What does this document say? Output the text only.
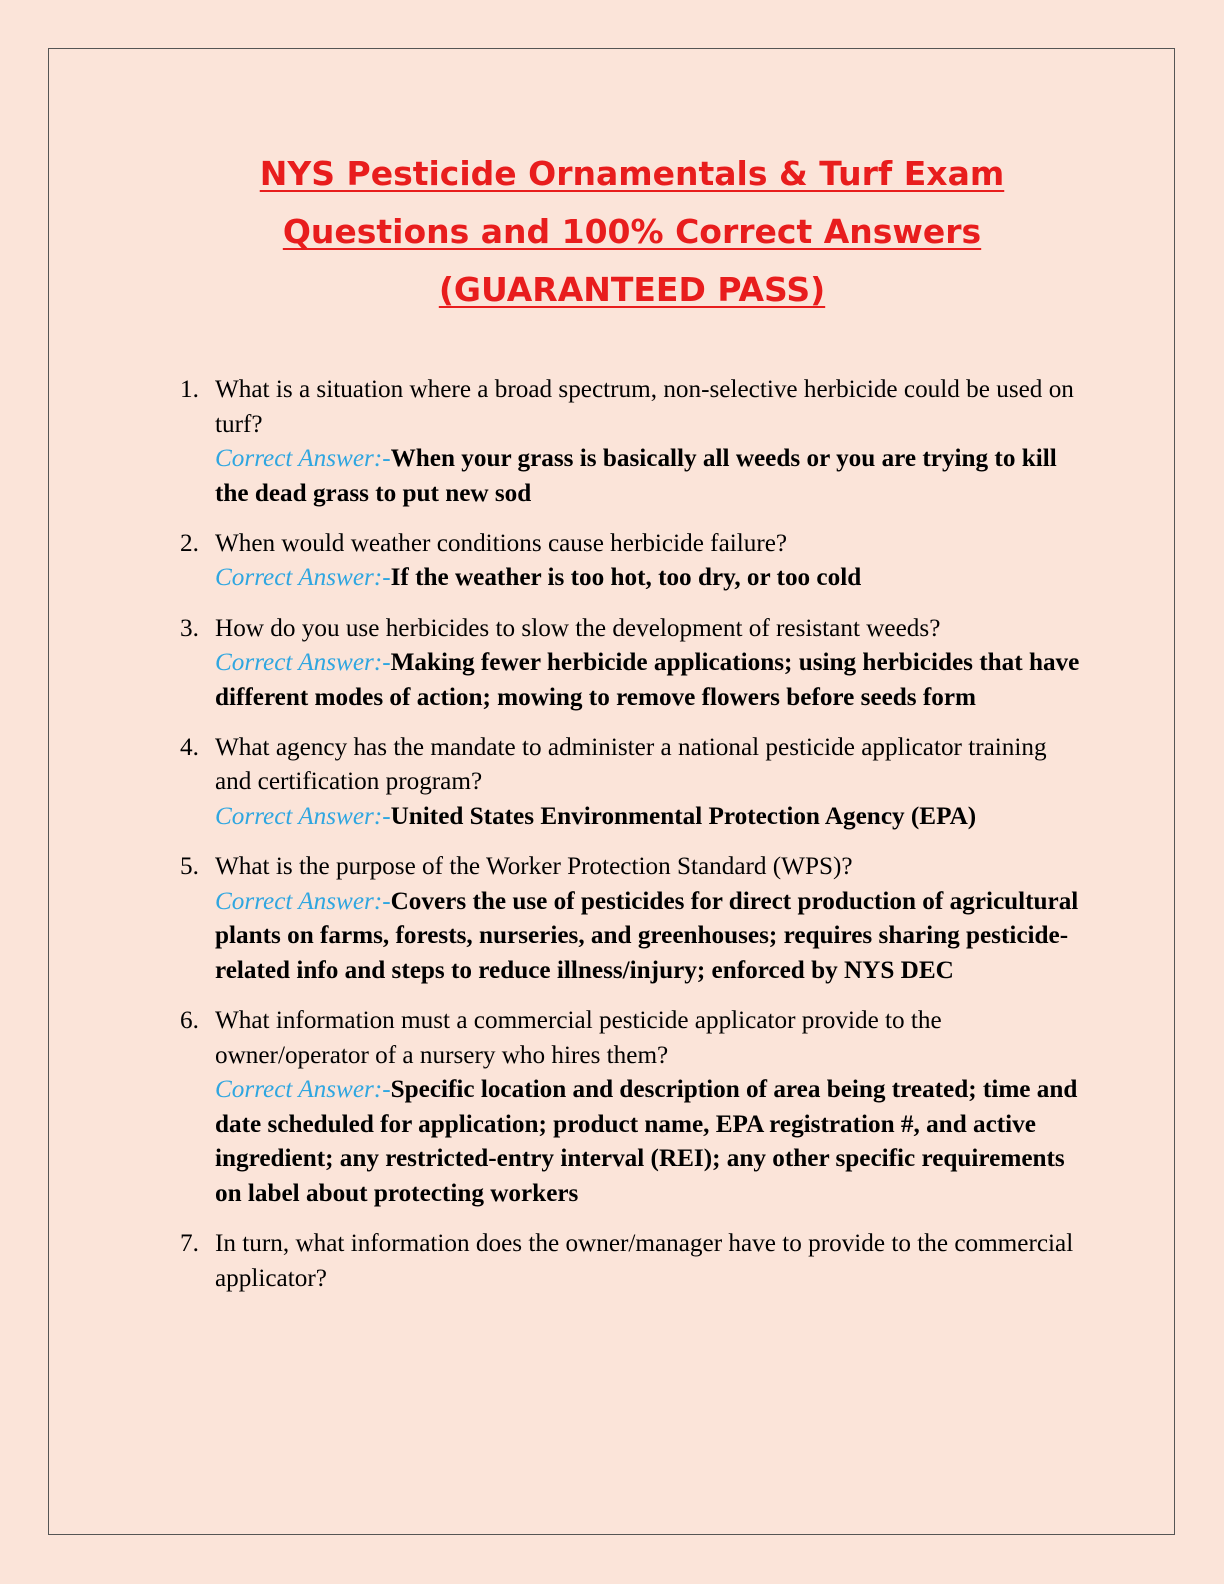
NYS Pesticide Ornamentals & Turf Exam
Questions and 100% Correct Answers
(GUARANTEED PASS)
1. What is a situation where a broad spectrum, non-selective herbicide could be used on turf?
Correct Answer:-When your grass is basically all weeds or you are trying to kill the dead grass to put new sod
2. When would weather conditions cause herbicide failure?
Correct Answer:-If the weather is too hot, too dry, or too cold
3. How do you use herbicides to slow the development of resistant weeds?
Correct Answer:-Making fewer herbicide applications; using herbicides that have different modes of action; mowing to remove flowers before seeds form
4. What agency has the mandate to administer a national pesticide applicator training and certification program?
Correct Answer:-United States Environmental Protection Agency (EPA)
5. What is the purpose of the Worker Protection Standard (WPS)?
Correct Answer:-Covers the use of pesticides for direct production of agricultural plants on farms, forests, nurseries, and greenhouses; requires sharing pesticide-related info and steps to reduce illness/injury; enforced by NYS DEC
6. What information must a commercial pesticide applicator provide to the owner/operator of a nursery who hires them?
Correct Answer:-Specific location and description of area being treated; time and date scheduled for application; product name, EPA registration #, and active ingredient; any restricted-entry interval (REI); any other specific requirements on label about protecting workers
7. In turn, what information does the owner/manager have to provide to the commercial applicator?
